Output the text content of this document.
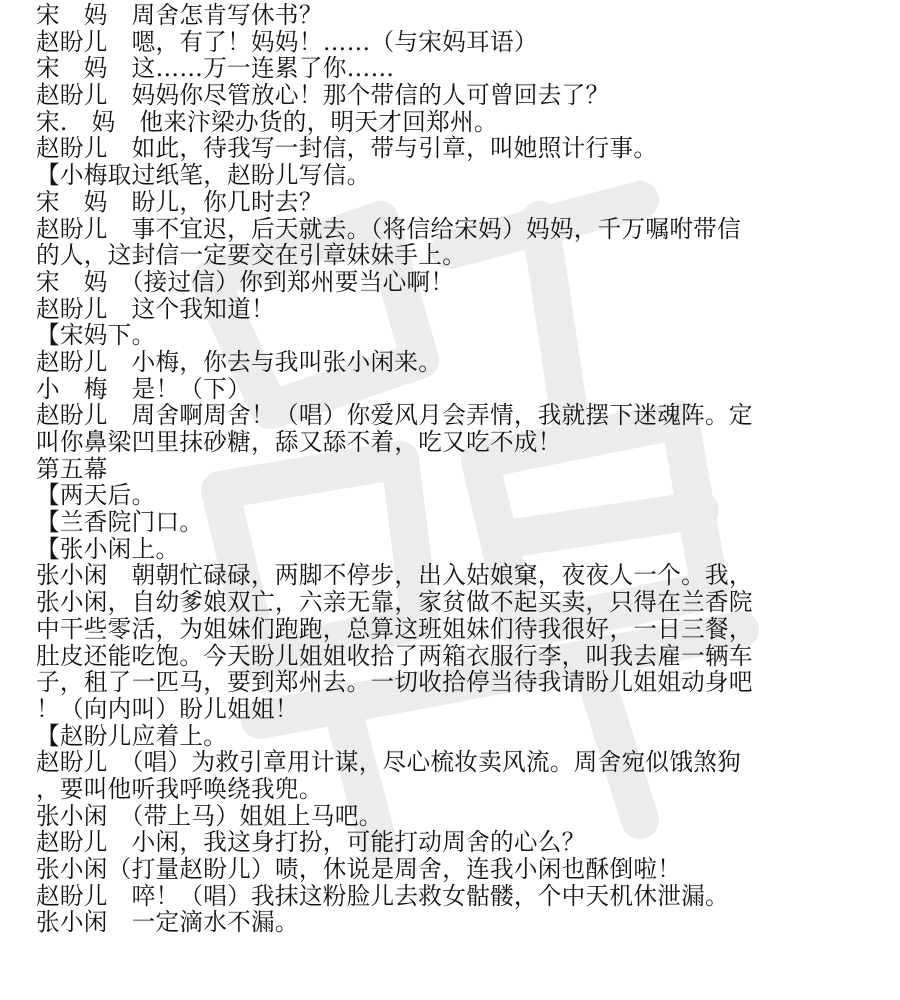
宋　妈　周舍怎肯写休书？
赵盼儿　嗯，有了！妈妈！……（与宋妈耳语）
宋　妈　这……万一连累了你……
赵盼儿　妈妈你尽管放心！那个带信的人可曾回去了？
宋.　妈　他来汴梁办货的，明天才回郑州。
赵盼儿　如此，待我写一封信，带与引章，叫她照计行事。
【小梅取过纸笔，赵盼儿写信。
宋　妈　盼儿，你几时去？
赵盼儿　事不宜迟，后天就去。（将信给宋妈）妈妈，千万嘱咐带信
的人，这封信一定要交在引章妹妹手上。
宋　妈　（接过信）你到郑州要当心啊！
赵盼儿　这个我知道！
【宋妈下。
赵盼儿　小梅，你去与我叫张小闲来。
小　梅　是！（下）
赵盼儿　周舍啊周舍！（唱）你爱风月会弄情，我就摆下迷魂阵。定
叫你鼻梁凹里抹砂糖，舔又舔不着，吃又吃不成！
第五幕
【两天后。
【兰香院门口。
【张小闲上。
张小闲　朝朝忙碌碌，两脚不停步，出入姑娘窠，夜夜人一个。我，
张小闲，自幼爹娘双亡，六亲无靠，家贫做不起买卖，只得在兰香院
中干些零活，为姐妹们跑跑，总算这班姐妹们待我很好，一日三餐，
肚皮还能吃饱。今天盼儿姐姐收拾了两箱衣服行李，叫我去雇一辆车
子，租了一匹马，要到郑州去。一切收拾停当待我请盼儿姐姐动身吧
！（向内叫）盼儿姐姐！
【赵盼儿应着上。
赵盼儿　（唱）为救引章用计谋，尽心梳妆卖风流。周舍宛似饿煞狗
，要叫他听我呼唤绕我兜。
张小闲　（带上马）姐姐上马吧。
赵盼儿　小闲，我这身打扮，可能打动周舍的心么？
张小闲（打量赵盼儿）啧，休说是周舍，连我小闲也酥倒啦！
赵盼儿　啐！（唱）我抹这粉脸儿去救女骷髅，个中天机休泄漏。
张小闲　一定滴水不漏。
